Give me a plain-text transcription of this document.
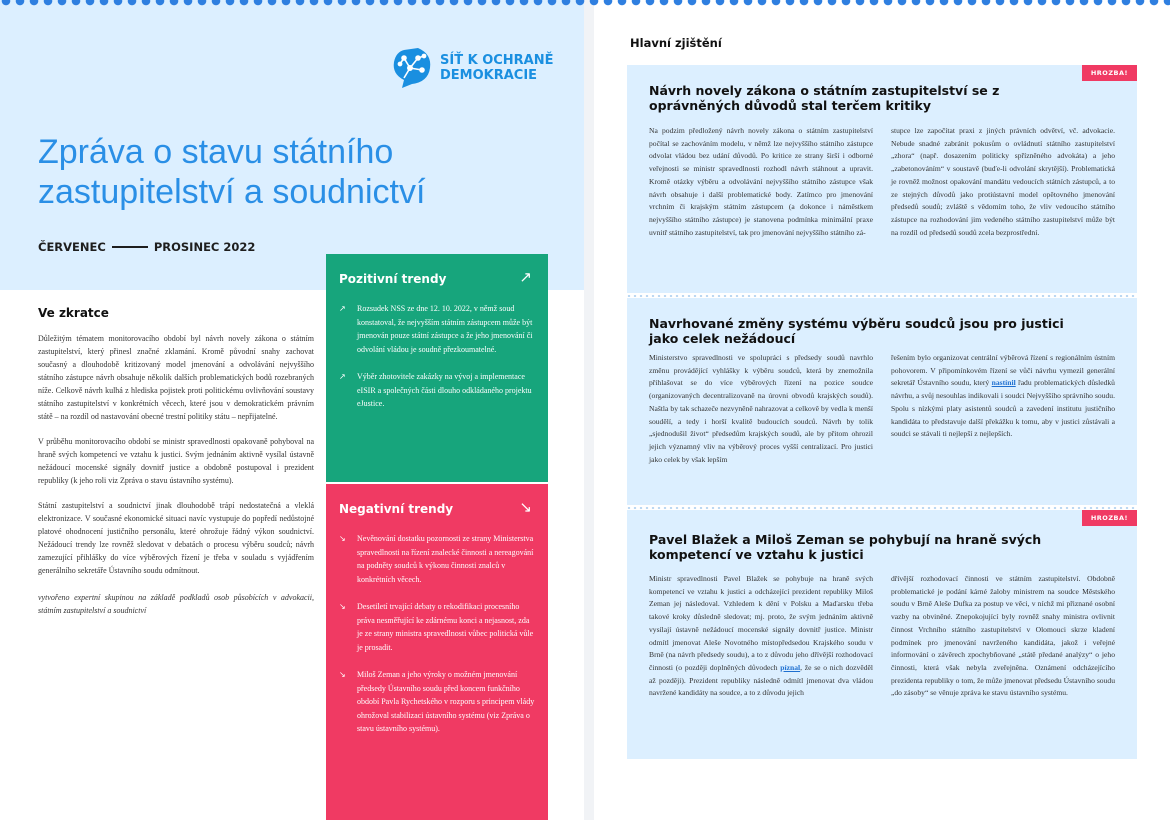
SÍŤ K OCHRANĚ
DEMOKRACIE
Zpráva o stavu státního zastupitelství a soudnictví
ČERVENEC	PROSINEC 2022
Ve zkratce

Důležitým tématem monitorovacího období byl návrh novely zákona o státním zastupitelství, který přinesl značné zklamání. Kromě původní snahy zachovat současný a dlouhodobě kritizovaný model jmenování a odvolávání nejvyššího státního zástupce návrh obsahuje několik dalších problematických bodů rozebraných níže. Celkově návrh kulhá z hlediska pojistek proti politickému ovlivňování soustavy státního zastupitelství v konkrétních věcech, které jsou v demokratickém právním státě – na rozdíl od nastavování obecné trestní politiky státu – nepřijatelné.

V průběhu monitorovacího období se ministr spravedlnosti opakovaně pohyboval na hraně svých kompetencí ve vztahu k justici. Svým jednáním aktivně vysílal ústavně nežádoucí mocenské signály dovnitř justice a obdobně postupoval i prezident republiky (k jeho roli viz Zpráva o stavu ústavního systému).

Státní zastupitelství a soudnictví jinak dlouhodobě trápí nedostatečná a vleklá elektronizace. V současné ekonomické situaci navíc vystupuje do popředí nedůstojné platové ohodnocení justičního personálu, které ohrožuje řádný výkon soudnictví. Nežádoucí trendy lze rovněž sledovat v debatách o procesu výběru soudců; návrh zamezující přihlášky do více výběrových řízení je třeba v souladu s vyjádřením generálního sekretáře Ústavního soudu odmítnout.

vytvořeno expertní skupinou na základě podkladů osob působících v advokacii, státním zastupitelství a soudnictví

Pozitivní trendy	↗
↗ Rozsudek NSS ze dne 12. 10. 2022, v němž soud konstatoval, že nejvyšším státním zástupcem může být jmenován pouze státní zástupce a že jeho jmenování či odvolání vládou je soudně přezkoumatelné.
↗ Výběr zhotovitele zakázky na vývoj a implementace eISIR a společných části dlouho odkládaného projektu eJustice.
Negativní trendy	↘
↘ Nevěnování dostatku pozornosti ze strany Ministerstva spravedlnosti na řízení znalecké činnosti a nereagování na podněty soudců k výkonu činnosti znalců v konkrétních věcech.
↘ Desetiletí trvající debaty o rekodifikaci procesního práva nesměřující ke zdárnému konci a nejasnost, zda je ze strany ministra spravedlnosti vůbec politická vůle je prosadit.
↘ Miloš Zeman a jeho výroky o možném jmenování předsedy Ústavního soudu před koncem funkčního období Pavla Rychetského v rozporu s principem vlády ohrožoval stabilizaci ústavního systému (viz Zpráva o stavu ústavního systému).
Hlavní zjištění
HROZBA!
Návrh novely zákona o státním zastupitelství se z oprávněných důvodů stal terčem kritiky
Na podzim předložený návrh novely zákona o státním zastupitelství počítal se zachováním modelu, v němž lze nejvyššího státního zástupce odvolat vládou bez udání důvodů. Po kritice ze strany širší i odborné veřejnosti se ministr spravedlnosti rozhodl návrh stáhnout a upravit. Kromě otázky výběru a odvolávání nejvyššího státního zástupce však návrh obsahuje i další problematické body. Zatímco pro jmenování vrchním či krajským státním zástupcem (a dokonce i náměstkem nejvyššího státního zástupce) je stanovena podmínka minimální praxe uvnitř státního zastupitelství, tak pro jmenování nejvyššího státního zá-
stupce lze započítat praxi z jiných právních odvětví, vč. advokacie. Nebude snadné zabránit pokusům o ovládnutí státního zastupitelství „zhora“ (např. dosazením politicky spřízněného advokáta) a jeho „zabetonováním“ v soustavě (buďe-li odvolání skrytější). Problematická je rovněž možnost opakování mandátu vedoucích státních zástupců, a to ze stejných důvodů jako protiústavní model opětovného jmenování předsedů soudů; zvláště s vědomím toho, že vliv vedoucího státního zástupce na rozhodování jim vedeného státního zastupitelství může být na rozdíl od předsedů soudů zcela bezprostřední.
Navrhované změny systému výběru soudců jsou pro justici jako celek nežádoucí
Ministerstvo spravedlnosti ve spolupráci s předsedy soudů navrhlo změnu provádějící vyhlášky k výběru soudců, která by znemožnila přihlašovat se do více výběrových řízení na pozice soudce (organizovaných decentralizovaně na úrovni obvodů krajských soudů). Naštla by tak schazeče nezvyněně nahrazovat a celkově by vedla k menší soudělí, a tedy i horší kvalitě budoucích soudců. Návrh by tolik „sjednodušil život“ předsedům krajských soudů, ale by přitom ohrozil jejich významný vliv na výběrový proces vyšší centralizací. Pro justici jako celek by však lepším
řešením bylo organizovat centrální výběrová řízení s regionálním ústním pohovorem. V připomínkovém řízení se vůči návrhu vymezil generální sekretář Ústavního soudu, který nastínil řadu problematických důsledků návrhu, a svůj nesouhlas indikovali i soudci Nejvyššího správního soudu. Spolu s nízkými platy asistentů soudců a zavedení institutu justičního kandidáta to představuje další překážku k tomu, aby v justici zůstávali a soudci se stávali ti nejlepší z nejlepších.
HROZBA!
Pavel Blažek a Miloš Zeman se pohybují na hraně svých kompetencí ve vztahu k justici
Ministr spravedlnosti Pavel Blažek se pohybuje na hraně svých kompetencí ve vztahu k justici a odcházející prezident republiky Miloš Zeman jej následoval. Vzhledem k dění v Polsku a Maďarsku třeba takové kroky důsledně sledovat; mj. proto, že svým jednáním aktivně vysílají ústavně nežádoucí mocenské signály dovnitř justice. Ministr odmítl jmenovat Alešе Novotného místopředsedou Krajského soudu v Brně (na návrh předsedy soudu), a to z důvodu jeho dřívější rozhodovací činnosti (o později doplněných důvodech píznal, že se o nich dozvěděl až později). Prezident republiky následně odmítl jmenovat dva vládou navržené kandidáty na soudce, a to z důvodu jejich
dřívější rozhodovací činnosti ve státním zastupitelství. Obdobně problematické je podání kárné žaloby ministrem na soudce Městského soudu v Brně Aleše Dufka za postup ve věci, v níchž mi přiznané osobní vazby na obviněné. Znepokojující byly rovněž snahy ministra ovlivnit činnost Vrchního státního zastupitelství v Olomouci skrze kladení podmínek pro jmenování navrženého kandidáta, jakož i veřejné informování o závěrech zpochybňované „státě předané analýzy“ o jeho činnosti, která však nebyla zveřejněna. Oznámení odcházejícího prezidenta republiky o tom, že může jmenovat předsedu Ústavního soudu „do zásoby“ se věnuje zpráva ke stavu ústavního systému.
